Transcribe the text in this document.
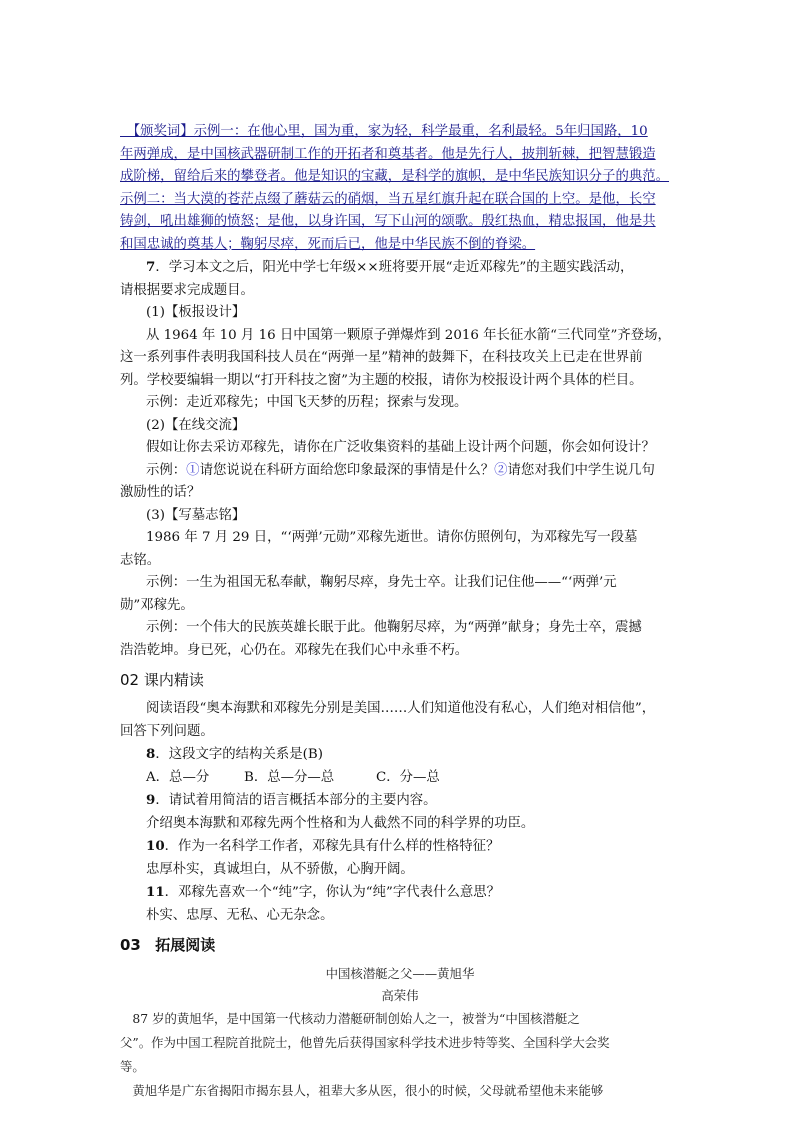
　【颁奖词】示例一：在他心里，国为重，家为轻，科学最重，名利最轻。5年归国路，10

年两弹成，是中国核武器研制工作的开拓者和奠基者。他是先行人，披荆斩棘，把智慧锻造

成阶梯，留给后来的攀登者。他是知识的宝藏，是科学的旗帜，是中华民族知识分子的典范。

示例二：当大漠的苍茫点缀了蘑菇云的硝烟，当五星红旗升起在联合国的上空。是他，长空

铸剑，吼出雄狮的愤怒；是他，以身许国，写下山河的颂歌。殷红热血，精忠报国，他是共

和国忠诚的奠基人；鞠躬尽瘁，死而后已，他是中华民族不倒的脊梁。

7．学习本文之后，阳光中学七年级××班将要开展“走近邓稼先”的主题实践活动，

请根据要求完成题目。

(1)【板报设计】

从 1964 年 10 月 16 日中国第一颗原子弹爆炸到 2016 年长征水箭“三代同堂”齐登场，

这一系列事件表明我国科技人员在“两弹一星”精神的鼓舞下，在科技攻关上已走在世界前

列。学校要编辑一期以“打开科技之窗”为主题的校报，请你为校报设计两个具体的栏目。

示例：走近邓稼先；中国飞天梦的历程；探索与发现。

(2)【在线交流】

假如让你去采访邓稼先，请你在广泛收集资料的基础上设计两个问题，你会如何设计？

示例：①请您说说在科研方面给您印象最深的事情是什么？②请您对我们中学生说几句

激励性的话？

(3)【写墓志铭】

1986 年 7 月 29 日，“‘两弹’元勋”邓稼先逝世。请你仿照例句，为邓稼先写一段墓

志铭。

示例：一生为祖国无私奉献，鞠躬尽瘁，身先士卒。让我们记住他——“‘两弹’元

勋”邓稼先。

示例：一个伟大的民族英雄长眠于此。他鞠躬尽瘁，为“两弹”献身；身先士卒，震撼

浩浩乾坤。身已死，心仍在。邓稼先在我们心中永垂不朽。

02 课内精读

阅读语段“奥本海默和邓稼先分别是美国……人们知道他没有私心，人们绝对相信他”，

回答下列问题。

8．这段文字的结构关系是(B)

A．总—分	B．总—分—总	C．分—总

9．请试着用简洁的语言概括本部分的主要内容。

介绍奥本海默和邓稼先两个性格和为人截然不同的科学界的功臣。

10．作为一名科学工作者，邓稼先具有什么样的性格特征？

忠厚朴实，真诚坦白，从不骄傲，心胸开阔。

11．邓稼先喜欢一个“纯”字，你认为“纯”字代表什么意思？

朴实、忠厚、无私、心无杂念。

03 拓展阅读

中国核潜艇之父——黄旭华

高荣伟

　87 岁的黄旭华，是中国第一代核动力潜艇研制创始人之一，被誉为“中国核潜艇之

父”。作为中国工程院首批院士，他曾先后获得国家科学技术进步特等奖、全国科学大会奖

等。

　黄旭华是广东省揭阳市揭东县人，祖辈大多从医，很小的时候，父母就希望他未来能够
